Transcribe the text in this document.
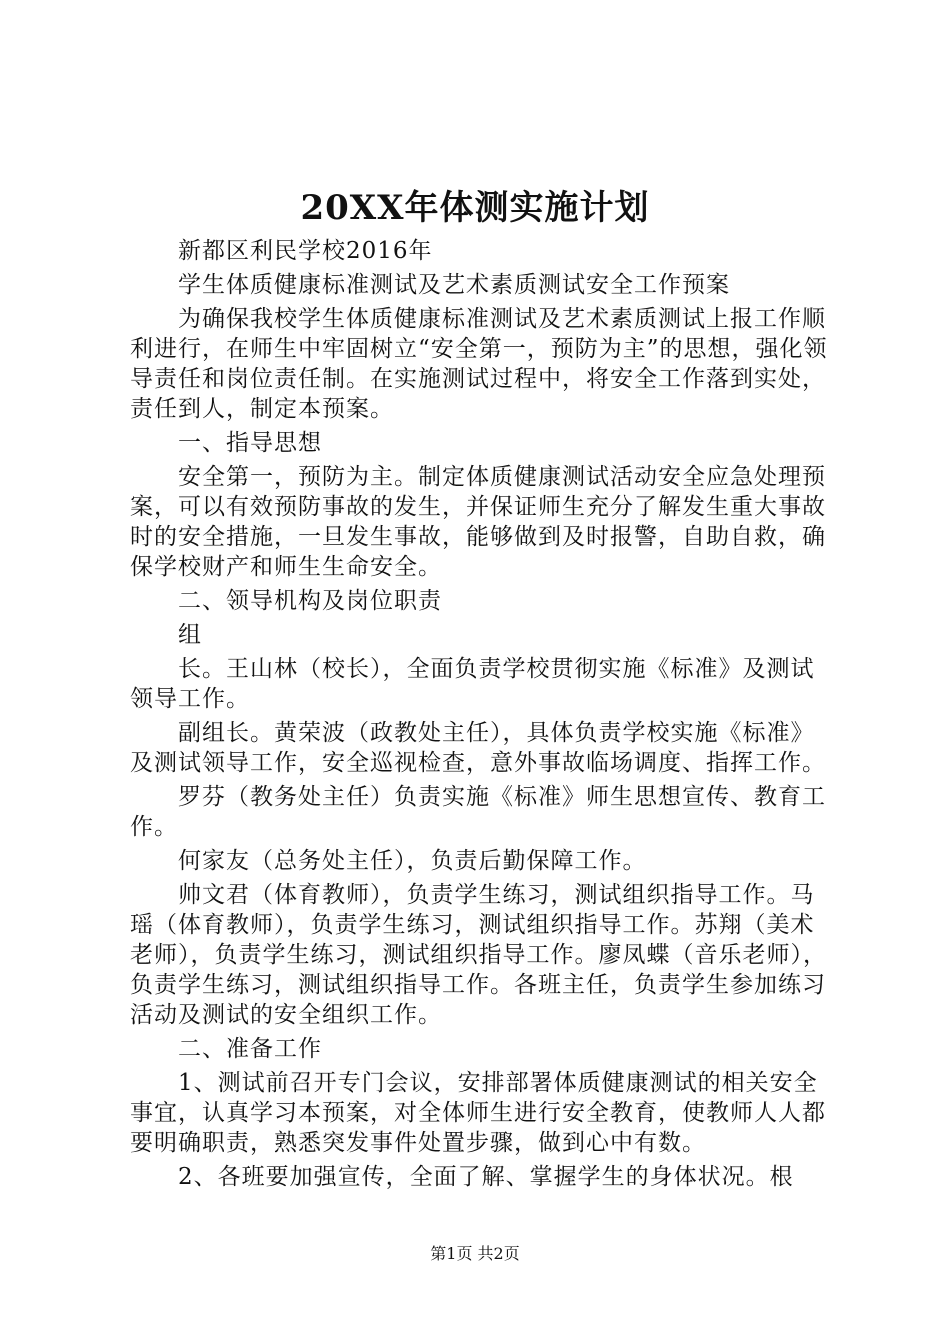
20XX年体测实施计划

新都区利民学校2016年

学生体质健康标准测试及艺术素质测试安全工作预案

为确保我校学生体质健康标准测试及艺术素质测试上报工作顺利进行，在师生中牢固树立“安全第一，预防为主”的思想，强化领导责任和岗位责任制。在实施测试过程中，将安全工作落到实处，责任到人，制定本预案。

一、指导思想

安全第一，预防为主。制定体质健康测试活动安全应急处理预案，可以有效预防事故的发生，并保证师生充分了解发生重大事故时的安全措施，一旦发生事故，能够做到及时报警，自助自救，确保学校财产和师生生命安全。

二、领导机构及岗位职责

组

长。王山林（校长），全面负责学校贯彻实施《标准》及测试领导工作。

副组长。黄荣波（政教处主任），具体负责学校实施《标准》及测试领导工作，安全巡视检查，意外事故临场调度、指挥工作。

罗芬（教务处主任）负责实施《标准》师生思想宣传、教育工作。

何家友（总务处主任），负责后勤保障工作。

帅文君（体育教师），负责学生练习，测试组织指导工作。马瑶（体育教师），负责学生练习，测试组织指导工作。苏翔（美术老师），负责学生练习，测试组织指导工作。廖凤蝶（音乐老师），负责学生练习，测试组织指导工作。各班主任，负责学生参加练习活动及测试的安全组织工作。

二、准备工作

1、测试前召开专门会议，安排部署体质健康测试的相关安全事宜，认真学习本预案，对全体师生进行安全教育，使教师人人都要明确职责，熟悉突发事件处置步骤，做到心中有数。

2、各班要加强宣传，全面了解、掌握学生的身体状况。根

第1页 共2页
